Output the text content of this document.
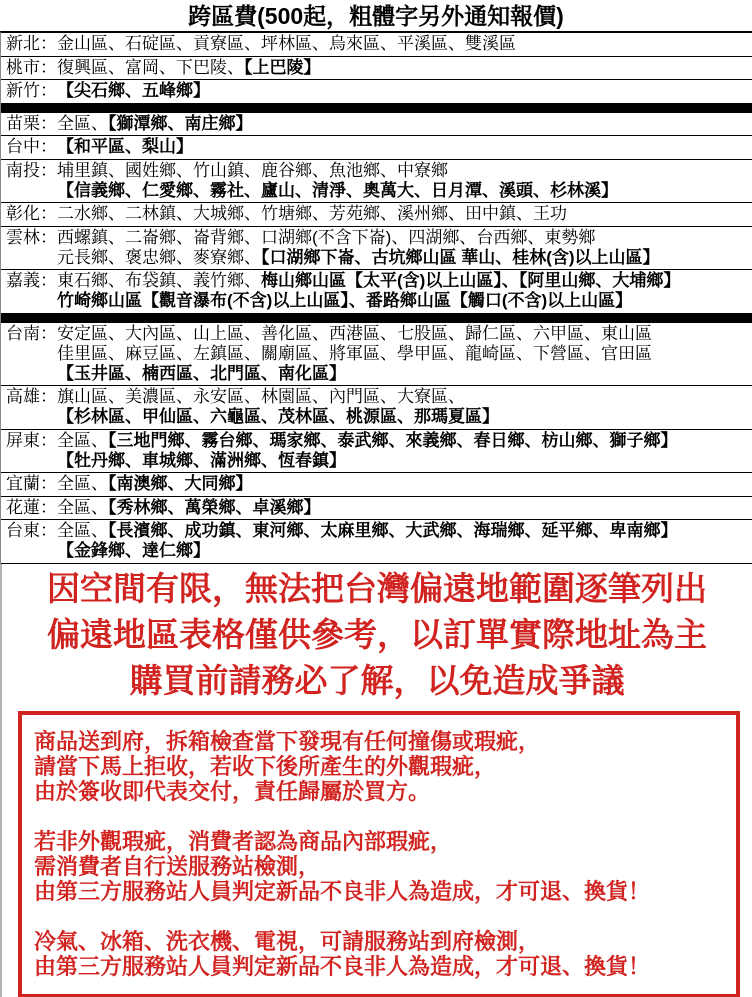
跨區費(500起，粗體字另外通知報價)
新北： 金山區、石碇區、貢寮區、坪林區、烏來區、平溪區、雙溪區
桃市： 復興區、富岡、下巴陵、【上巴陵】
新竹： 【尖石鄉、五峰鄉】
苗栗： 全區、【獅潭鄉、南庄鄉】
台中： 【和平區、梨山】
南投： 埔里鎮、國姓鄉、竹山鎮、鹿谷鄉、魚池鄉、中寮鄉
【信義鄉、仁愛鄉、霧社、廬山、清淨、奧萬大、日月潭、溪頭、杉林溪】
彰化： 二水鄉、二林鎮、大城鄉、竹塘鄉、芳苑鄉、溪州鄉、田中鎮、王功
雲林： 西螺鎮、二崙鄉、崙背鄉、口湖鄉(不含下崙)、四湖鄉、台西鄉、東勢鄉
元長鄉、褒忠鄉、麥寮鄉、【口湖鄉下崙、古坑鄉山區 華山、桂林(含)以上山區】
嘉義： 東石鄉、布袋鎮、義竹鄉、梅山鄉山區【太平(含)以上山區】、【阿里山鄉、大埔鄉】
竹崎鄉山區【觀音瀑布(不含)以上山區】、番路鄉山區【觸口(不含)以上山區】
台南： 安定區、大內區、山上區、善化區、西港區、七股區、歸仁區、六甲區、東山區
佳里區、麻豆區、左鎮區、關廟區、將軍區、學甲區、龍崎區、下營區、官田區
【玉井區、楠西區、北門區、南化區】
高雄： 旗山區、美濃區、永安區、林園區、內門區、大寮區、
【杉林區、甲仙區、六龜區、茂林區、桃源區、那瑪夏區】
屏東： 全區、【三地門鄉、霧台鄉、瑪家鄉、泰武鄉、來義鄉、春日鄉、枋山鄉、獅子鄉】
【牡丹鄉、車城鄉、滿洲鄉、恆春鎮】
宜蘭： 全區、【南澳鄉、大同鄉】
花蓮： 全區、【秀林鄉、萬榮鄉、卓溪鄉】
台東： 全區、【長濱鄉、成功鎮、東河鄉、太麻里鄉、大武鄉、海瑞鄉、延平鄉、卑南鄉】
【金鋒鄉、達仁鄉】
因空間有限，無法把台灣偏遠地範圍逐筆列出
偏遠地區表格僅供參考，以訂單實際地址為主
購買前請務必了解，以免造成爭議
商品送到府，拆箱檢查當下發現有任何撞傷或瑕疵，
請當下馬上拒收，若收下後所產生的外觀瑕疵，
由於簽收即代表交付，責任歸屬於買方。
若非外觀瑕疵，消費者認為商品內部瑕疵，
需消費者自行送服務站檢測，
由第三方服務站人員判定新品不良非人為造成，才可退、換貨！
冷氣、冰箱、洗衣機、電視，可請服務站到府檢測，
由第三方服務站人員判定新品不良非人為造成，才可退、換貨！
